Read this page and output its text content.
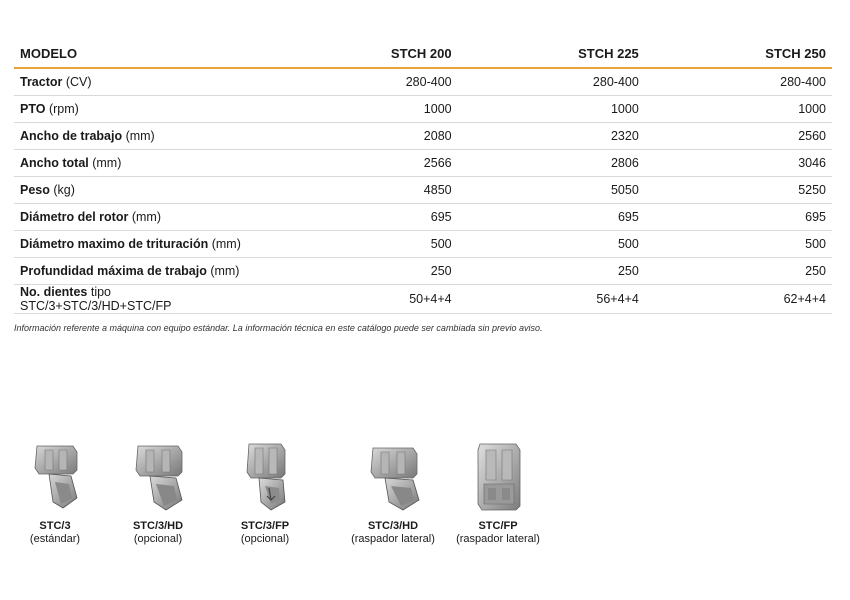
MODELO	STCH 200	STCH 225	STCH 250
Tractor (CV)	280-400	280-400	280-400
PTO (rpm)	1000	1000	1000
Ancho de trabajo (mm)	2080	2320	2560
Ancho total (mm)	2566	2806	3046
Peso (kg)	4850	5050	5250
Diámetro del rotor (mm)	695	695	695
Diámetro maximo de trituración (mm)	500	500	500
Profundidad máxima de trabajo (mm)	250	250	250
No. dientes tipo STC/3+STC/3/HD+STC/FP	50+4+4	56+4+4	62+4+4
Información referente a máquina con equipo estándar. La información técnica en este catálogo puede ser cambiada sin previo aviso.
STC/3
(estándar)
STC/3/HD
(opcional)
STC/3/FP
(opcional)
STC/3/HD
(raspador lateral)
STC/FP
(raspador lateral)
